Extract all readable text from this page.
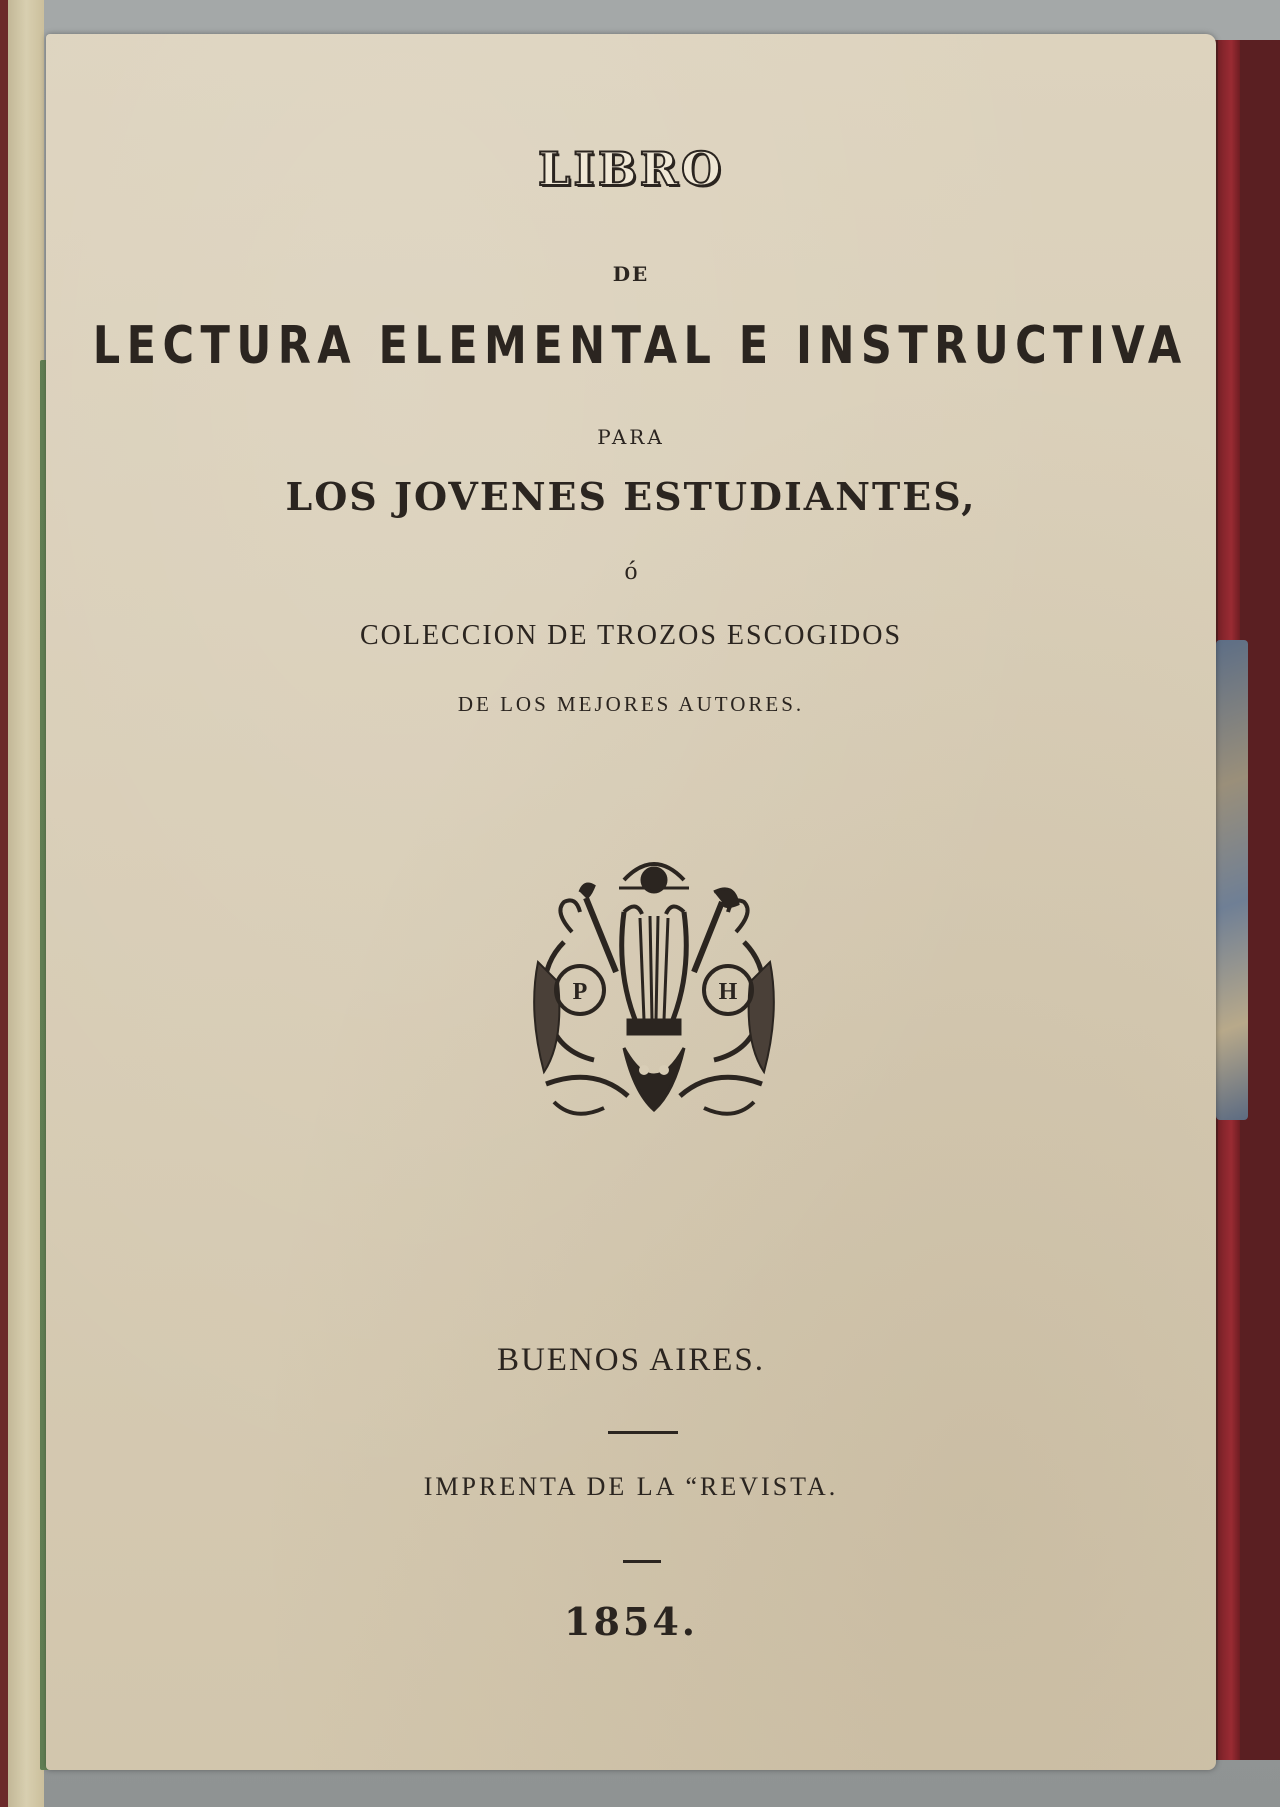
LIBRO
DE
LECTURA ELEMENTAL E INSTRUCTIVA
PARA
LOS JOVENES ESTUDIANTES,
ó
COLECCION DE TROZOS ESCOGIDOS
DE LOS MEJORES AUTORES.
P	H
BUENOS AIRES.
IMPRENTA DE LA “REVISTA.
1854.
